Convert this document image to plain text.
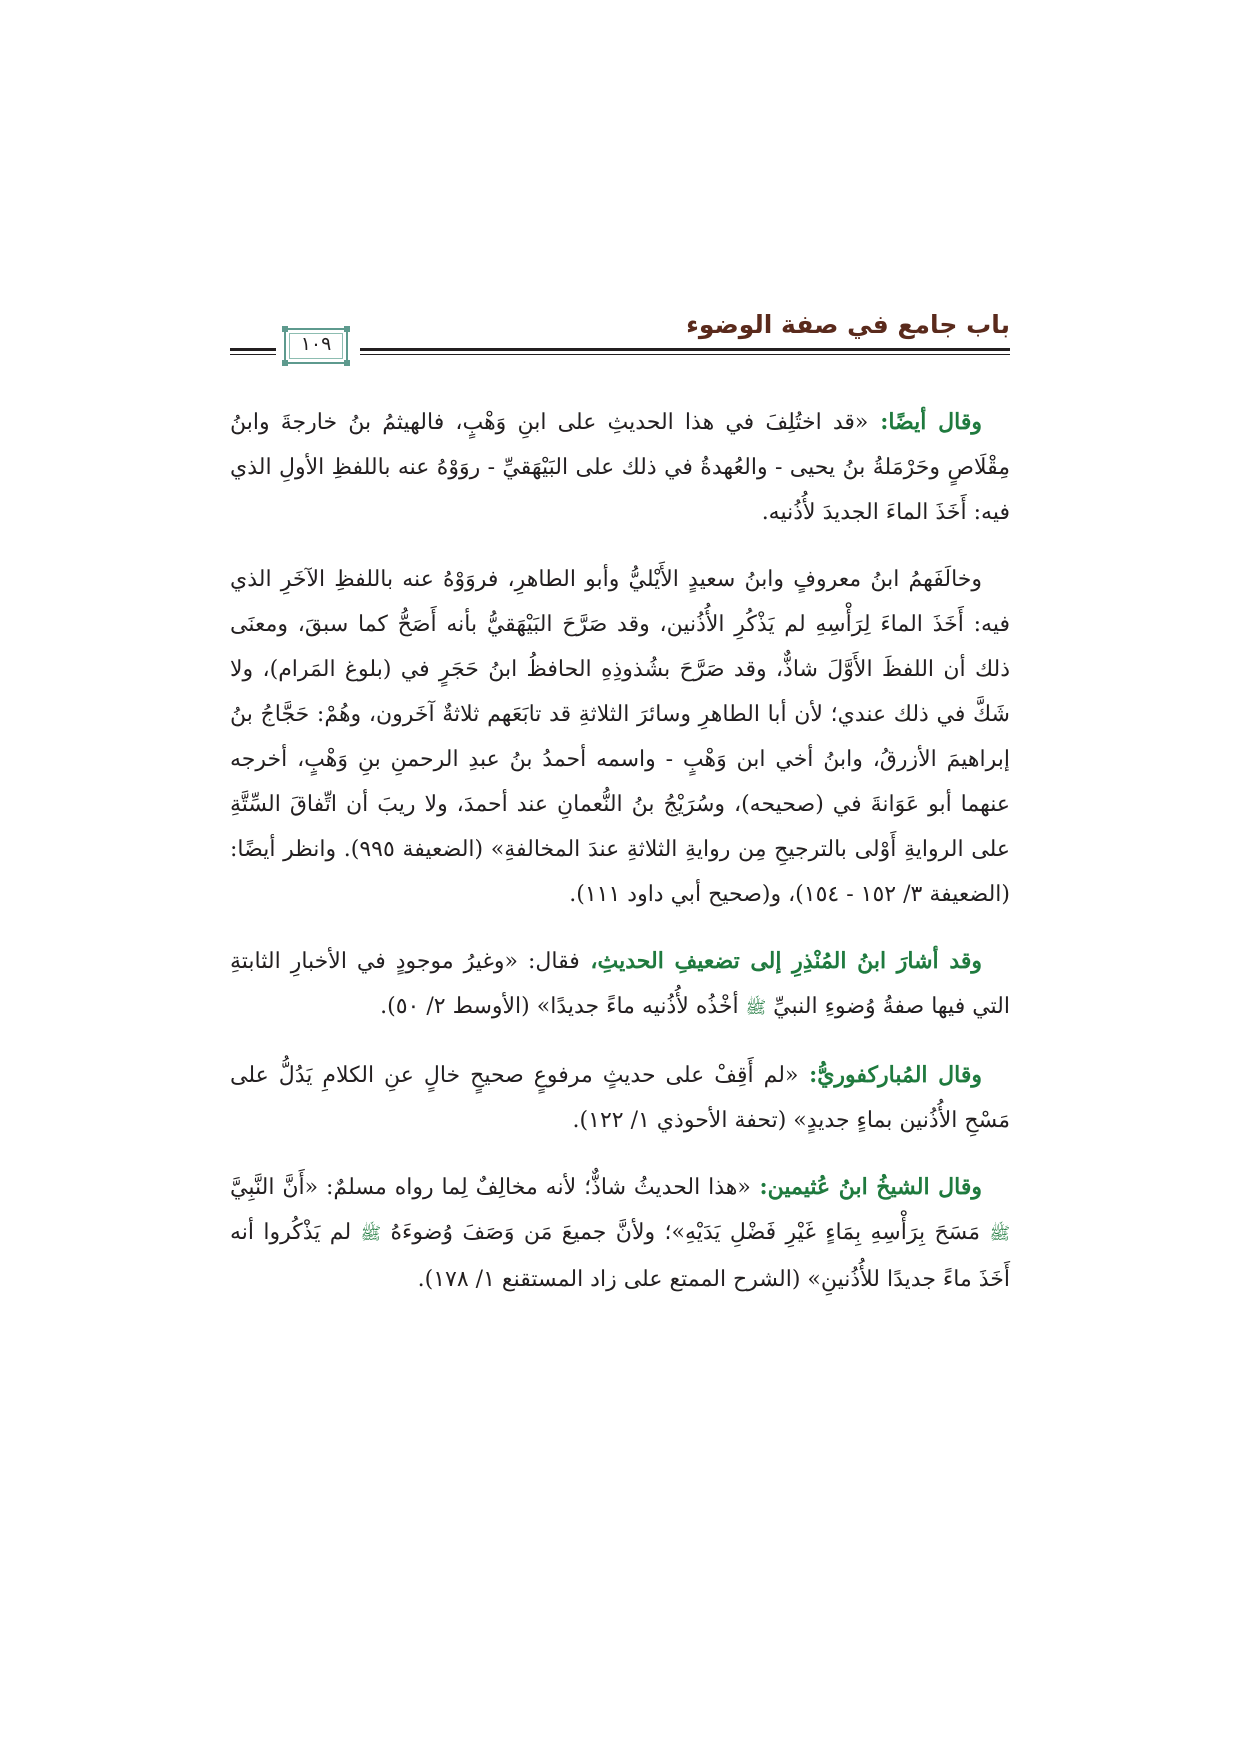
باب جامع في صفة الوضوء
١٠٩

وقال أيضًا: «قد اختُلِفَ في هذا الحديثِ على ابنِ وَهْبٍ، فالهيثمُ بنُ خارجةَ وابنُ مِقْلَاصٍ وحَرْمَلةُ بنُ يحيى - والعُهدةُ في ذلك على البَيْهَقيِّ - روَوْهُ عنه باللفظِ الأولِ الذي فيه: أَخَذَ الماءَ الجديدَ لأُذُنيه.

وخالَفَهمُ ابنُ معروفٍ وابنُ سعيدٍ الأَيْليُّ وأبو الطاهرِ، فروَوْهُ عنه باللفظِ الآخَرِ الذي فيه: أَخَذَ الماءَ لِرَأْسِهِ لم يَذْكُرِ الأُذُنين، وقد صَرَّحَ البَيْهَقيُّ بأنه أَصَحُّ كما سبقَ، ومعنَى ذلك أن اللفظَ الأَوَّلَ شاذٌّ، وقد صَرَّحَ بشُذوذِهِ الحافظُ ابنُ حَجَرٍ في (بلوغ المَرام)، ولا شَكَّ في ذلك عندي؛ لأن أبا الطاهرِ وسائرَ الثلاثةِ قد تابَعَهم ثلاثةٌ آخَرون، وهُمْ: حَجَّاجُ بنُ إبراهيمَ الأزرقُ، وابنُ أخي ابن وَهْبٍ - واسمه أحمدُ بنُ عبدِ الرحمنِ بنِ وَهْبٍ، أخرجه عنهما أبو عَوَانةَ في (صحيحه)، وسُرَيْجُ بنُ النُّعمانِ عند أحمدَ، ولا ريبَ أن اتِّفاقَ السِّتَّةِ على الروايةِ أَوْلى بالترجيحِ مِن روايةِ الثلاثةِ عندَ المخالفةِ» (الضعيفة ٩٩٥). وانظر أيضًا: (الضعيفة ٣/ ١٥٢ - ١٥٤)، و(صحيح أبي داود ١١١).

وقد أشارَ ابنُ المُنْذِرِ إلى تضعيفِ الحديثِ، فقال: «وغيرُ موجودٍ في الأخبارِ الثابتةِ التي فيها صفةُ وُضوءِ النبيِّ ﷺ أخْذُه لأُذُنيه ماءً جديدًا» (الأوسط ٢/ ٥٠).

وقال المُباركفوريُّ: «لم أَقِفْ على حديثٍ مرفوعٍ صحيحٍ خالٍ عنِ الكلامِ يَدُلُّ على مَسْحِ الأُذُنين بماءٍ جديدٍ» (تحفة الأحوذي ١/ ١٢٢).

وقال الشيخُ ابنُ عُثيمين: «هذا الحديثُ شاذٌّ؛ لأنه مخالِفٌ لِما رواه مسلمٌ: «أَنَّ النَّبِيَّ ﷺ مَسَحَ بِرَأْسِهِ بِمَاءٍ غَيْرِ فَضْلِ يَدَيْهِ»؛ ولأنَّ جميعَ مَن وَصَفَ وُضوءَهُ ﷺ لم يَذْكُروا أنه أَخَذَ ماءً جديدًا للأُذُنينِ» (الشرح الممتع على زاد المستقنع ١/ ١٧٨).
